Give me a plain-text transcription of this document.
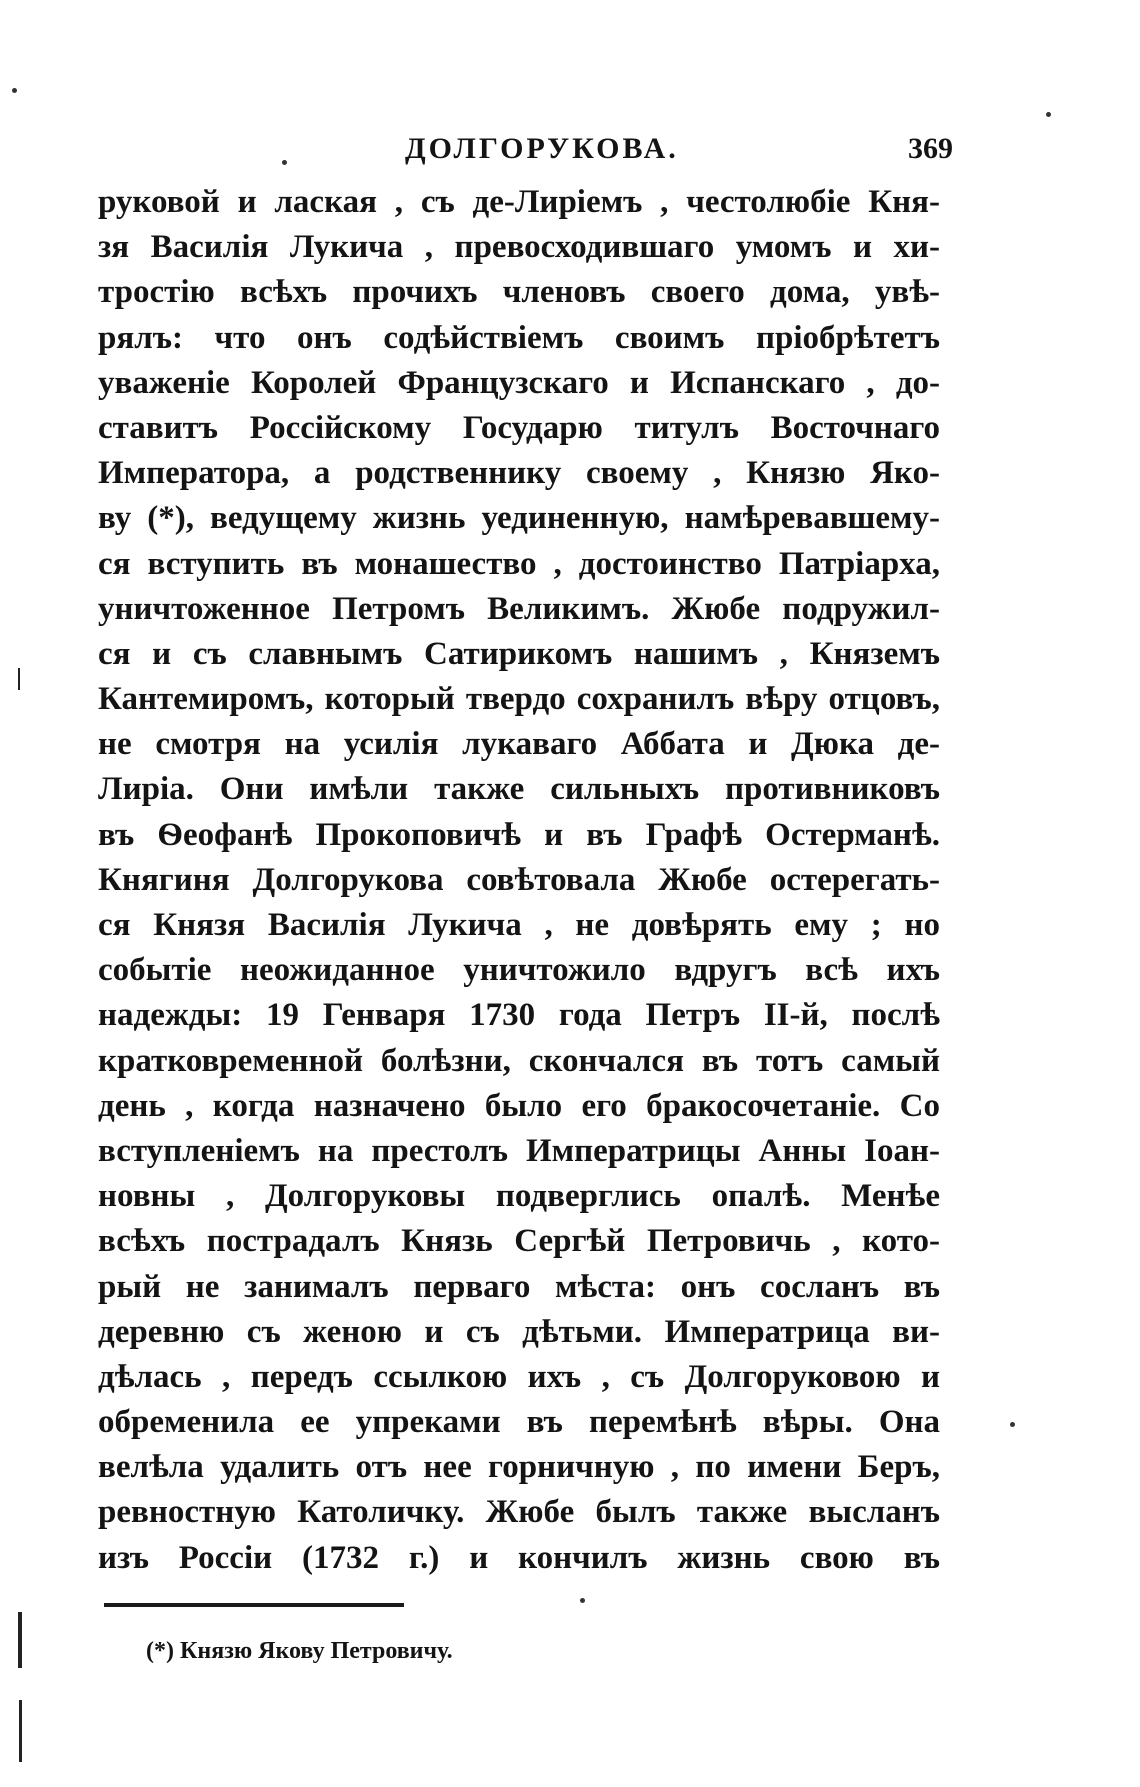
ДОЛГОРУКОВА.	369
руковой и лаская , съ де-Лиріемъ , честолюбіе Кня-
зя Василія Лукича , превосходившаго умомъ и хи-
тростію всѣхъ прочихъ членовъ своего дома, увѣ-
рялъ: что онъ содѣйствіемъ своимъ пріобрѣтетъ
уваженіе Королей Французскаго и Испанскаго , до-
ставитъ Россійскому Государю титулъ Восточнаго
Императора, а родственнику своему , Князю Яко-
ву (*), ведущему жизнь уединенную, намѣревавшему-
ся вступить въ монашество , достоинство Патріарха,
уничтоженное Петромъ Великимъ. Жюбе подружил-
ся и съ славнымъ Сатирикомъ нашимъ , Княземъ
Кантемиромъ, который твердо сохранилъ вѣру отцовъ,
не смотря на усилія лукаваго Аббата и Дюка де-
Лиріа. Они имѣли также сильныхъ противниковъ
въ Ѳеофанѣ Прокоповичѣ и въ Графѣ Остерманѣ.
Княгиня Долгорукова совѣтовала Жюбе остерегать-
ся Князя Василія Лукича , не довѣрять ему ; но
событіе неожиданное уничтожило вдругъ всѣ ихъ
надежды: 19 Генваря 1730 года Петръ II-й, послѣ
кратковременной болѣзни, скончался въ тотъ самый
день , когда назначено было его бракосочетаніе. Со
вступленіемъ на престолъ Императрицы Анны Іоан-
новны , Долгоруковы подверглись опалѣ. Менѣе
всѣхъ пострадалъ Князь Сергѣй Петровичь , кото-
рый не занималъ перваго мѣста: онъ сосланъ въ
деревню съ женою и съ дѣтьми. Императрица ви-
дѣлась , передъ ссылкою ихъ , съ Долгоруковою и
обременила ее упреками въ перемѣнѣ вѣры. Она
велѣла удалить отъ нее горничную , по имени Беръ,
ревностную Католичку. Жюбе былъ также высланъ
изъ Россіи (1732 г.) и кончилъ жизнь свою въ
(*) Князю Якову Петровичу.
